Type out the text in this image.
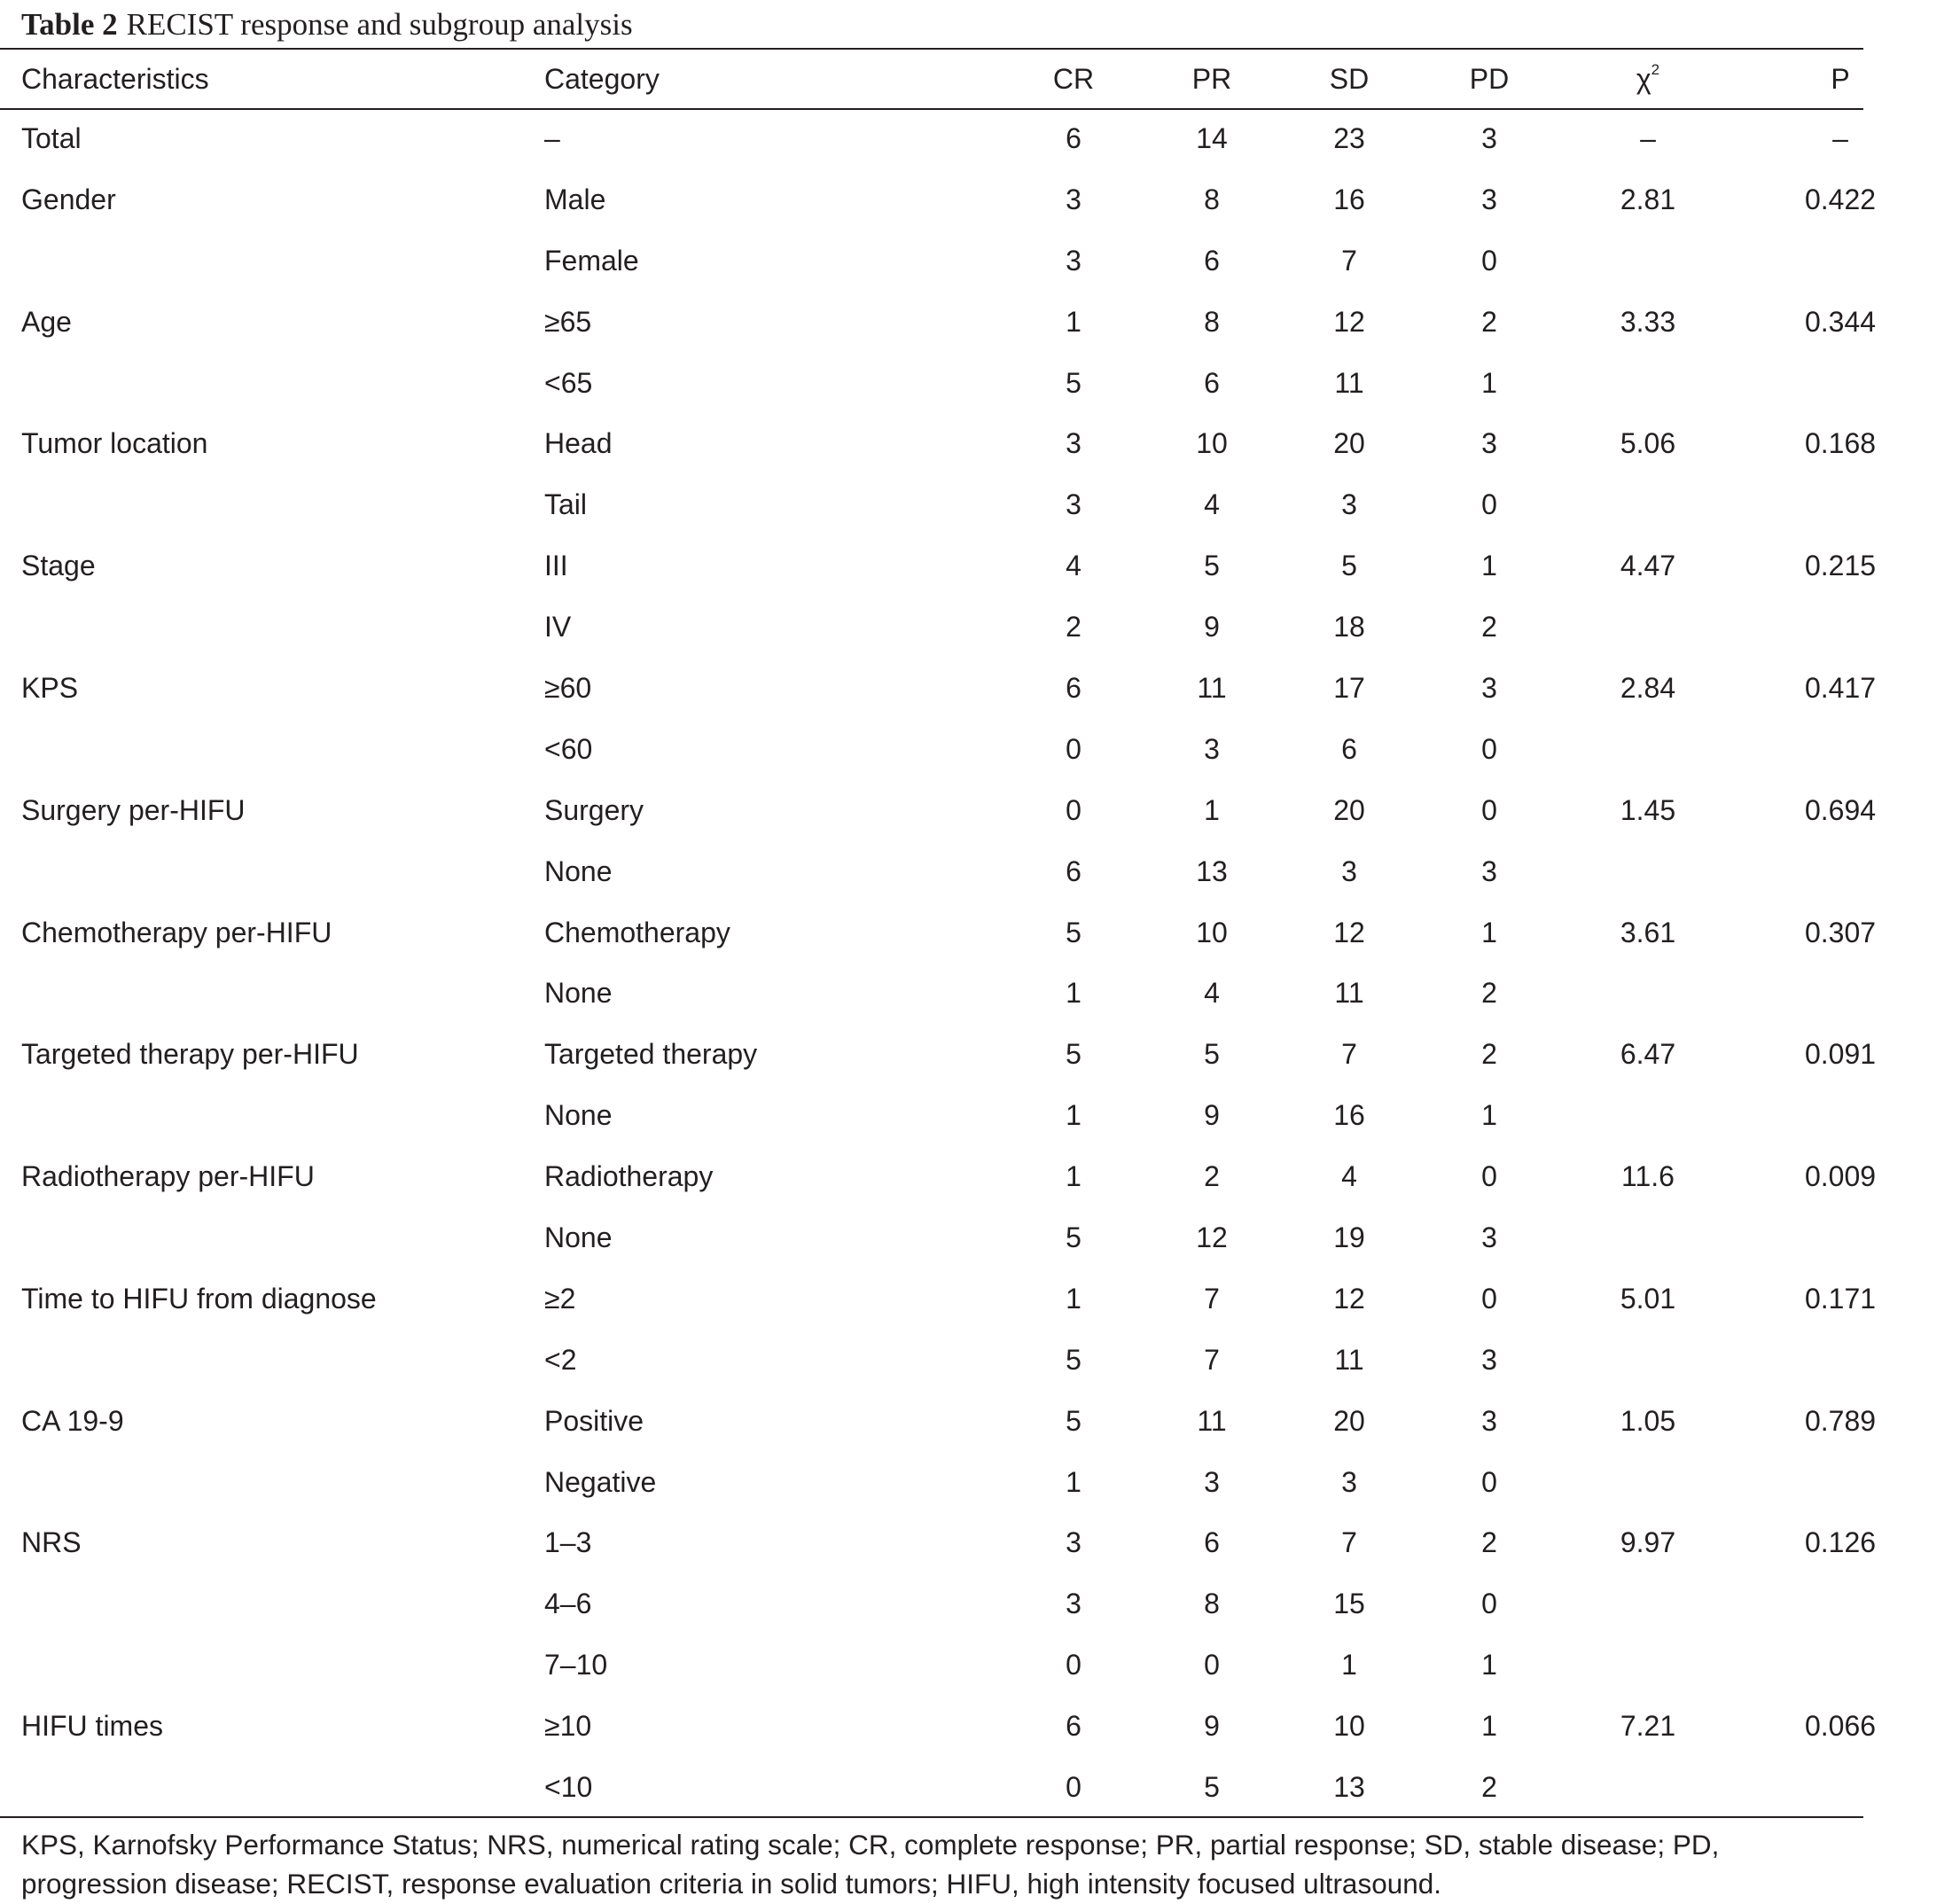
Table 2 RECIST response and subgroup analysis
Characteristics	Category	CR	PR	SD	PD	$\chi^2$	P
Total	–	6	14	23	3	–	–
Gender	Male	3	8	16	3	2.81	0.422
	Female	3	6	7	0		
Age	≥65	1	8	12	2	3.33	0.344
	<65	5	6	11	1		
Tumor location	Head	3	10	20	3	5.06	0.168
	Tail	3	4	3	0		
Stage	III	4	5	5	1	4.47	0.215
	IV	2	9	18	2		
KPS	≥60	6	11	17	3	2.84	0.417
	<60	0	3	6	0		
Surgery per-HIFU	Surgery	0	1	20	0	1.45	0.694
	None	6	13	3	3		
Chemotherapy per-HIFU	Chemotherapy	5	10	12	1	3.61	0.307
	None	1	4	11	2		
Targeted therapy per-HIFU	Targeted therapy	5	5	7	2	6.47	0.091
	None	1	9	16	1		
Radiotherapy per-HIFU	Radiotherapy	1	2	4	0	11.6	0.009
	None	5	12	19	3		
Time to HIFU from diagnose	≥2	1	7	12	0	5.01	0.171
	<2	5	7	11	3		
CA 19-9	Positive	5	11	20	3	1.05	0.789
	Negative	1	3	3	0		
NRS	1–3	3	6	7	2	9.97	0.126
	4–6	3	8	15	0		
	7–10	0	0	1	1		
HIFU times	≥10	6	9	10	1	7.21	0.066
	<10	0	5	13	2		
KPS, Karnofsky Performance Status; NRS, numerical rating scale; CR, complete response; PR, partial response; SD, stable disease; PD, progression disease; RECIST, response evaluation criteria in solid tumors; HIFU, high intensity focused ultrasound.
